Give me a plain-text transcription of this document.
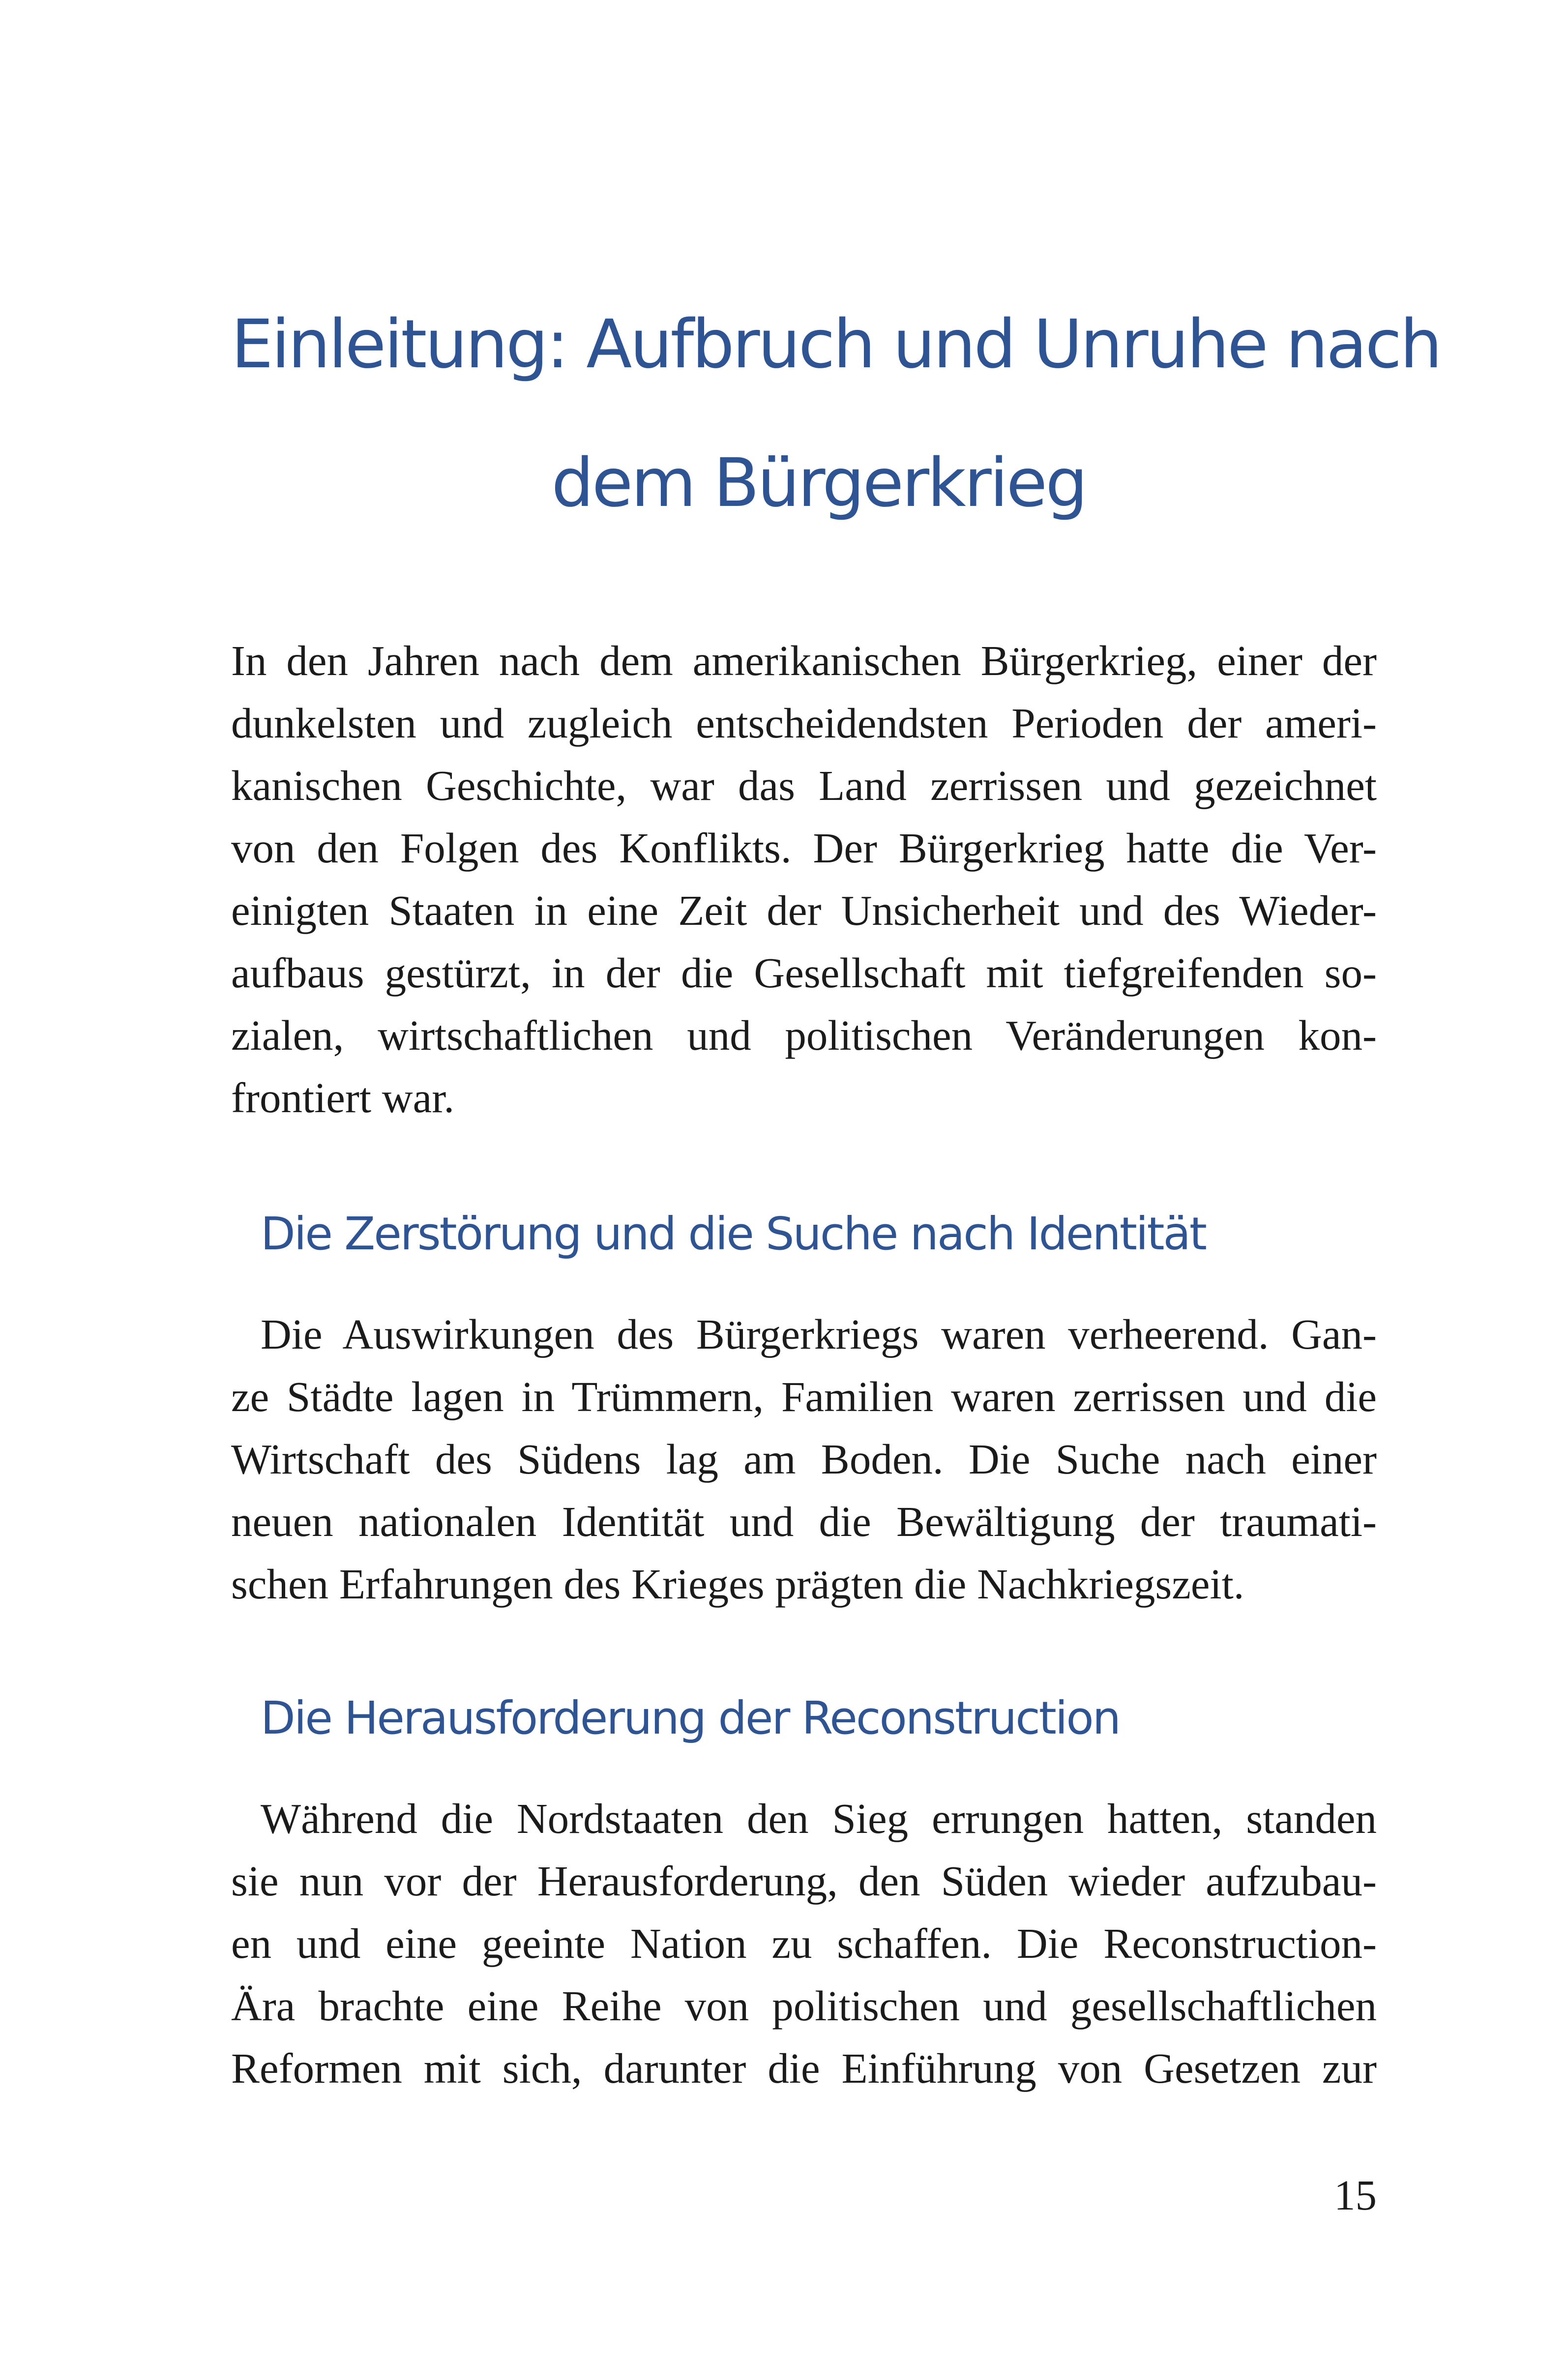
Einleitung: Aufbruch und Unruhe nach
dem Bürgerkrieg

In den Jahren nach dem amerikanischen Bürgerkrieg, einer der
dunkelsten und zugleich entscheidendsten Perioden der ameri-
kanischen Geschichte, war das Land zerrissen und gezeichnet
von den Folgen des Konflikts. Der Bürgerkrieg hatte die Ver-
einigten Staaten in eine Zeit der Unsicherheit und des Wieder-
aufbaus gestürzt, in der die Gesellschaft mit tiefgreifenden so-
zialen, wirtschaftlichen und politischen Veränderungen kon-
frontiert war.

Die Zerstörung und die Suche nach Identität

Die Auswirkungen des Bürgerkriegs waren verheerend. Gan-
ze Städte lagen in Trümmern, Familien waren zerrissen und die
Wirtschaft des Südens lag am Boden. Die Suche nach einer
neuen nationalen Identität und die Bewältigung der traumati-
schen Erfahrungen des Krieges prägten die Nachkriegszeit.

Die Herausforderung der Reconstruction

Während die Nordstaaten den Sieg errungen hatten, standen
sie nun vor der Herausforderung, den Süden wieder aufzubau-
en und eine geeinte Nation zu schaffen. Die Reconstruction-
Ära brachte eine Reihe von politischen und gesellschaftlichen
Reformen mit sich, darunter die Einführung von Gesetzen zur

15
